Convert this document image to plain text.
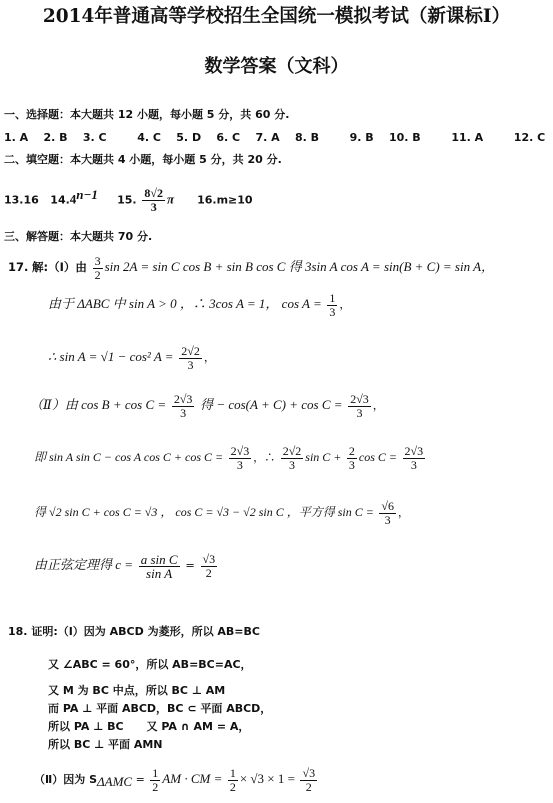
2014年普通高等学校招生全国统一模拟考试（新课标Ⅰ）
数学答案（文科）
一、选择题：本大题共 12 小题，每小题 5 分，共 60 分.
1. A    2. B    3. C        4. C    5. D    6. C    7. A    8. B        9. B    10. B        11. A        12. C
二、填空题：本大题共 4 小题，每小题 5 分，共 20 分.
13.16 $14.4^{n-1}$ 15. $\frac{8√2}{3}$ π 16.m≥10
三、解答题：本大题共 70 分.
17. 解:（Ⅰ）由 $\frac{3}{2}$ sin 2A = sin C cos B + sin B cos C 得 3sin A cos A = sin(B + C) = sin A，
由于 ΔABC 中 sin A > 0 ，∴ 3cos A = 1， $\cos A = \frac{1}{3}$ ，
∴ sin A = √1 − cos² $A = \frac{2√2}{3}$ ，
（Ⅱ）由 $\cos B + \cos C = \frac{2√3}{3}$ 得 − $\cos(A + C) + \cos C = \frac{2√3}{3}$ ，
即 sin A sin C − cos A $\cos C + \cos C = \frac{2√3}{3}$ ，∴ $\frac{2√2}{3}$ $\sin C + \frac{2}{3}$ $\cos C = \frac{2√3}{3}$
得 √2 sin C + cos C = √3 ， cos C = √3 − √2 sin C ，平方得 $\sin C = \frac{√6}{3}$ ，
由正弦定理得 $c = \frac{\text{a sin C}}{\text{sin A}} = \frac{√3}{2}$
18. 证明:（Ⅰ）因为 ABCD 为菱形，所以 AB=BC
又 ∠ABC = 60°，所以 AB=BC=AC，
又 M 为 BC 中点，所以 BC ⊥ AM
而 PA ⊥ 平面 ABCD，BC ⊂ 平面 ABCD，
所以 PA ⊥ BC      又 PA ∩ AM = A，
所以 BC ⊥ 平面 AMN
（Ⅱ）因为 $S_{\Delta AMC} = \frac{1}{2}$ AM · CM = $\frac{1}{2} \times √3 \times 1 = \frac{√3}{2}$
